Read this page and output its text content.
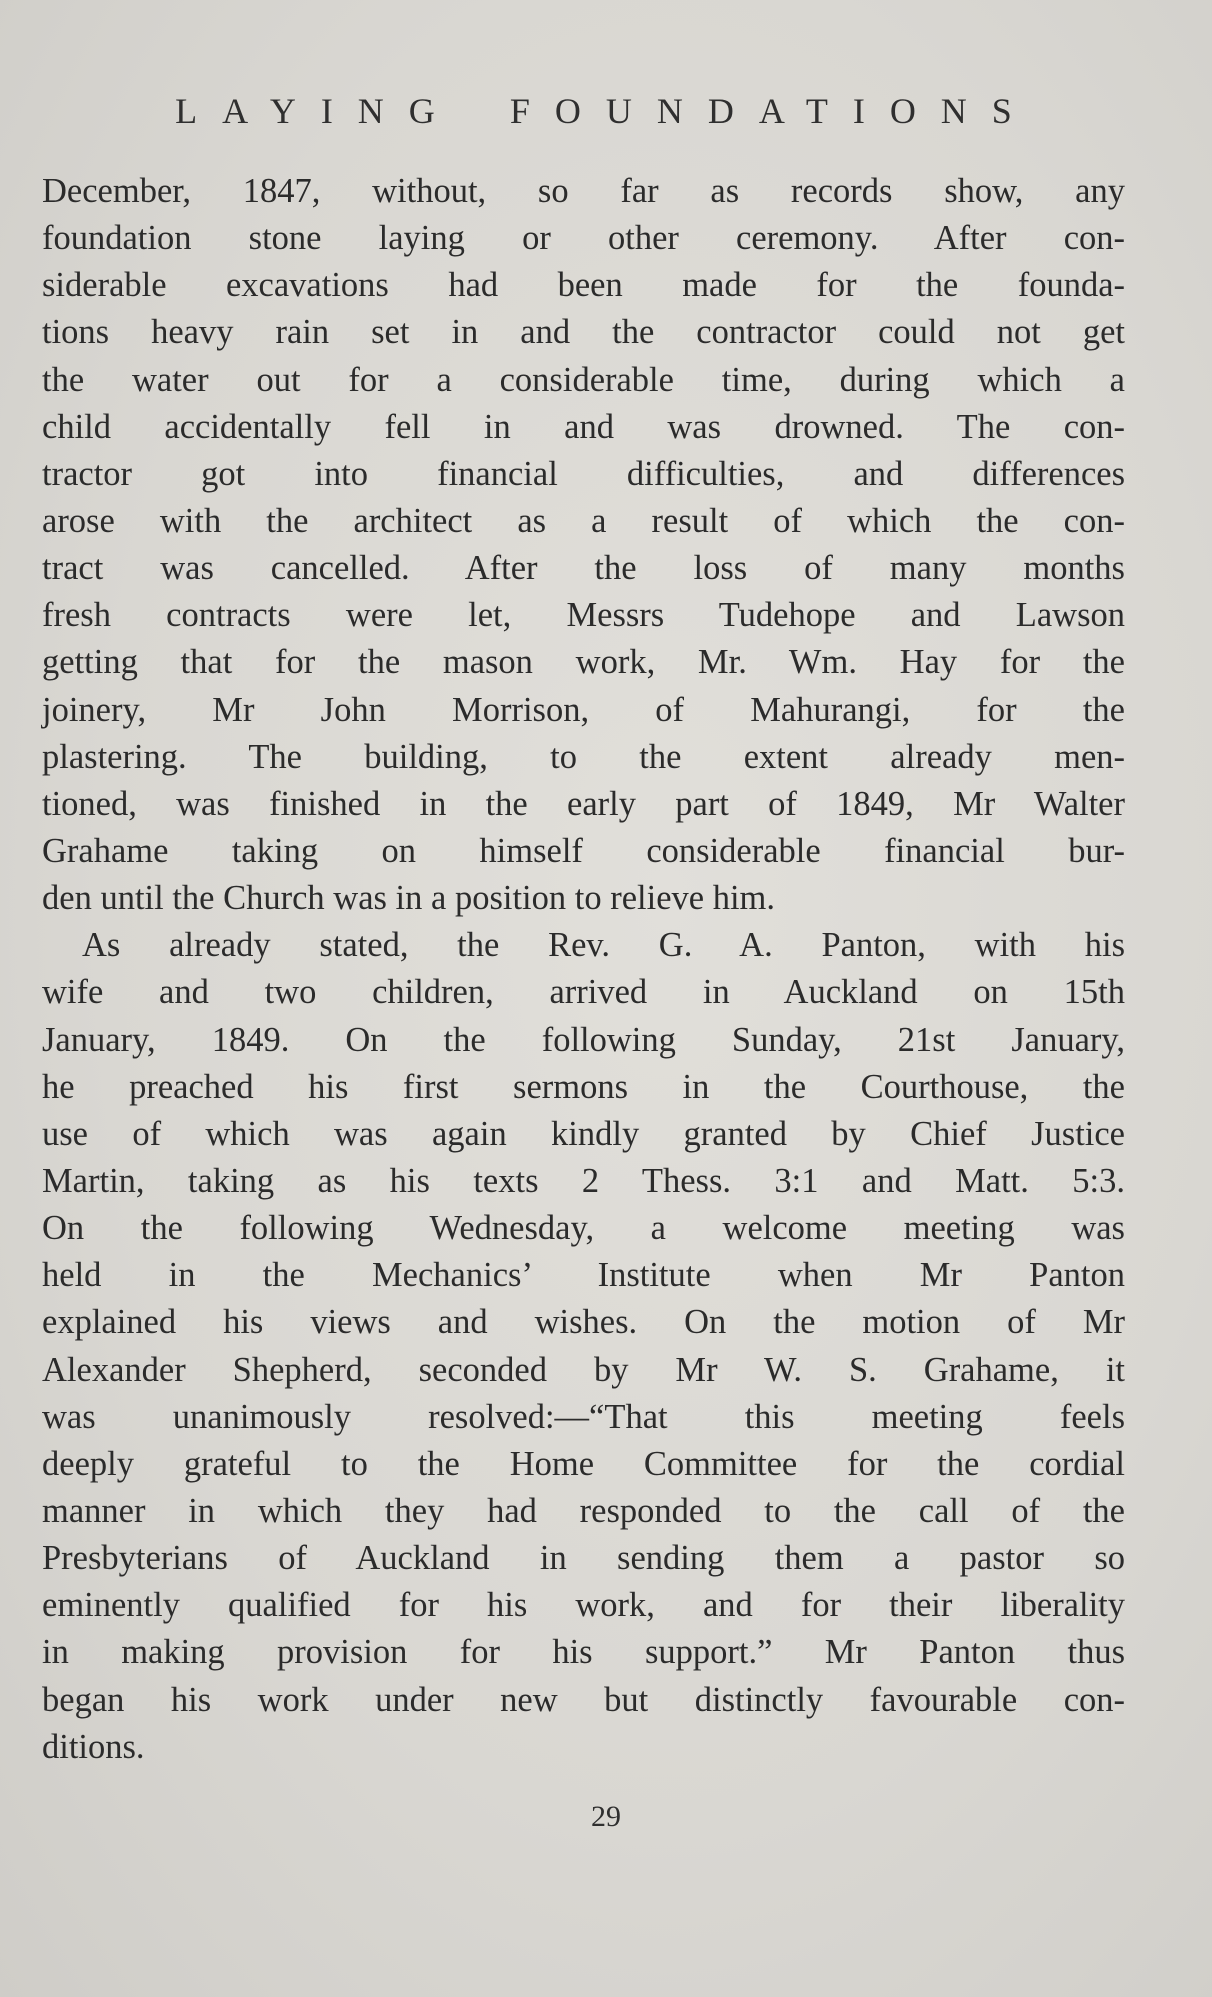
LAYING FOUNDATIONS
December, 1847, without, so far as records show, any
foundation stone laying or other ceremony. After con-
siderable excavations had been made for the founda-
tions heavy rain set in and the contractor could not get
the water out for a considerable time, during which a
child accidentally fell in and was drowned. The con-
tractor got into financial difficulties, and differences
arose with the architect as a result of which the con-
tract was cancelled. After the loss of many months
fresh contracts were let, Messrs Tudehope and Lawson
getting that for the mason work, Mr. Wm. Hay for the
joinery, Mr John Morrison, of Mahurangi, for the
plastering. The building, to the extent already men-
tioned, was finished in the early part of 1849, Mr Walter
Grahame taking on himself considerable financial bur-
den until the Church was in a position to relieve him.
As already stated, the Rev. G. A. Panton, with his
wife and two children, arrived in Auckland on 15th
January, 1849. On the following Sunday, 21st January,
he preached his first sermons in the Courthouse, the
use of which was again kindly granted by Chief Justice
Martin, taking as his texts 2 Thess. 3:1 and Matt. 5:3.
On the following Wednesday, a welcome meeting was
held in the Mechanics’ Institute when Mr Panton
explained his views and wishes. On the motion of Mr
Alexander Shepherd, seconded by Mr W. S. Grahame, it
was unanimously resolved:—“That this meeting feels
deeply grateful to the Home Committee for the cordial
manner in which they had responded to the call of the
Presbyterians of Auckland in sending them a pastor so
eminently qualified for his work, and for their liberality
in making provision for his support.” Mr Panton thus
began his work under new but distinctly favourable con-
ditions.
29
